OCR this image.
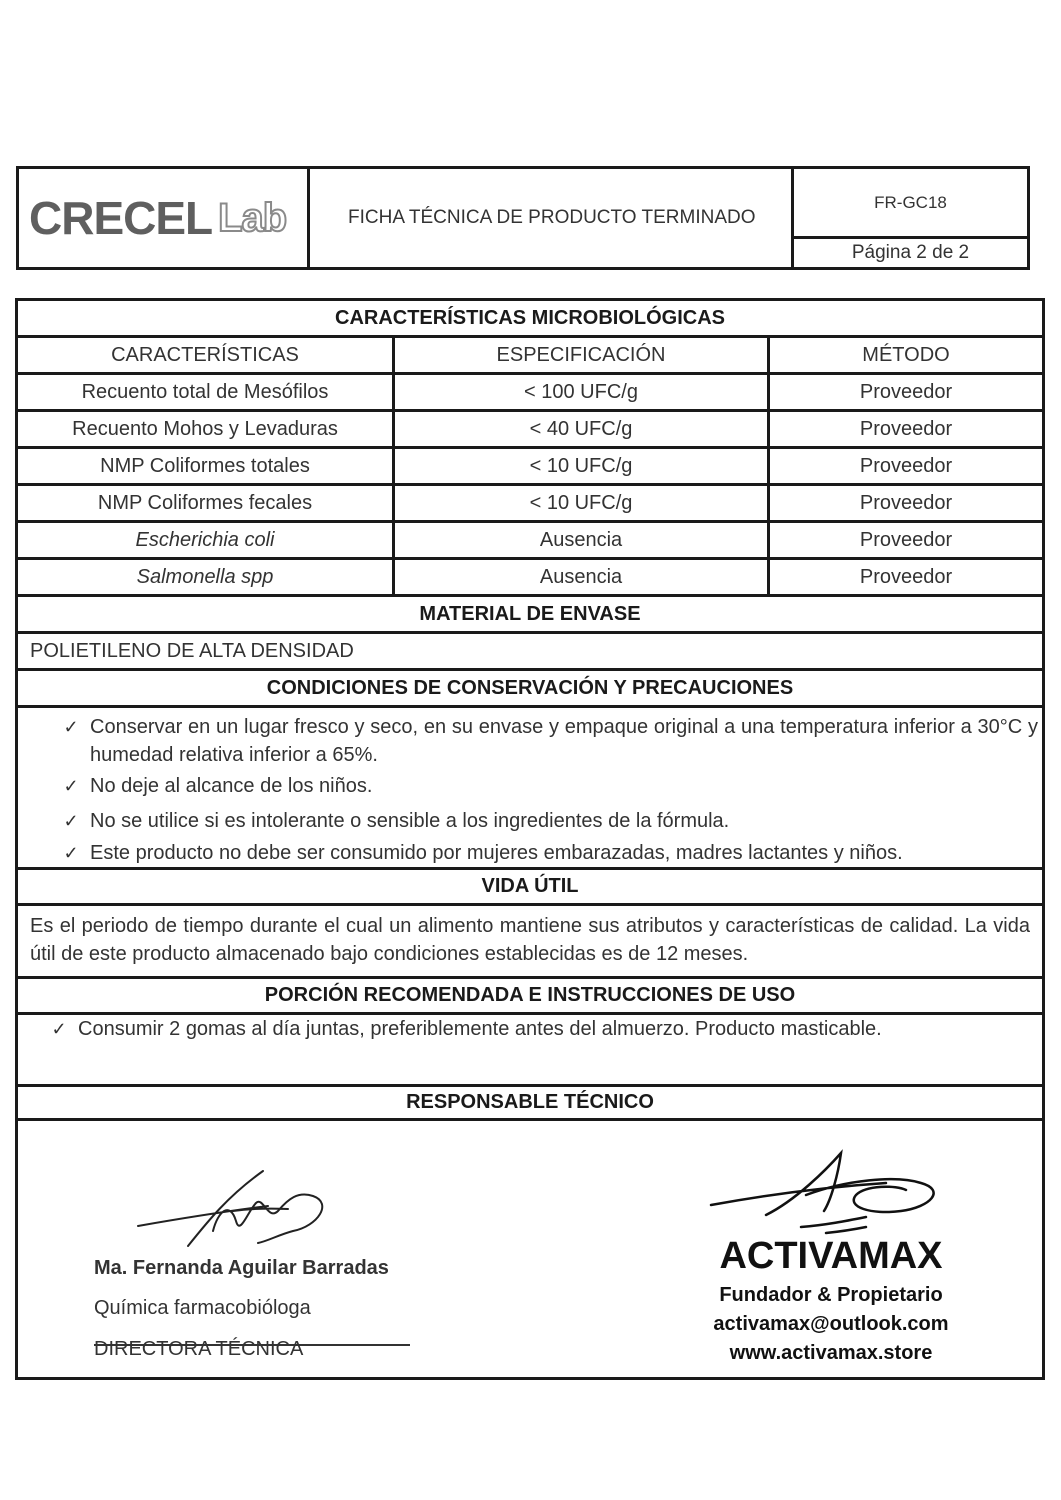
CRECEL Lab	FICHA TÉCNICA DE PRODUCTO TERMINADO
FR-GC18
Página 2 de 2
CARACTERÍSTICAS MICROBIOLÓGICAS
CARACTERÍSTICAS	ESPECIFICACIÓN	MÉTODO
Recuento total de Mesófilos	< 100 UFC/g	Proveedor
Recuento Mohos y Levaduras	< 40 UFC/g	Proveedor
NMP Coliformes totales	< 10 UFC/g	Proveedor
NMP Coliformes fecales	< 10 UFC/g	Proveedor
Escherichia coli	Ausencia	Proveedor
Salmonella spp	Ausencia	Proveedor
MATERIAL DE ENVASE
POLIETILENO DE ALTA DENSIDAD
CONDICIONES DE CONSERVACIÓN Y PRECAUCIONES
✓ Conservar en un lugar fresco y seco, en su envase y empaque original a una temperatura inferior a 30°C y humedad relativa inferior a 65%.
✓ No deje al alcance de los niños.
✓ No se utilice si es intolerante o sensible a los ingredientes de la fórmula.
✓ Este producto no debe ser consumido por mujeres embarazadas, madres lactantes y niños.
VIDA ÚTIL

Es el periodo de tiempo durante el cual un alimento mantiene sus atributos y características de calidad. La vida útil de este producto almacenado bajo condiciones establecidas es de 12 meses.

PORCIÓN RECOMENDADA E INSTRUCCIONES DE USO
✓ Consumir 2 gomas al día juntas, preferiblemente antes del almuerzo. Producto masticable.
RESPONSABLE TÉCNICO
Ma. Fernanda Aguilar Barradas
Química farmacobióloga
DIRECTORA TÉCNICA
ACTIVAMAX
Fundador & Propietario
activamax@outlook.com
www.activamax.store
